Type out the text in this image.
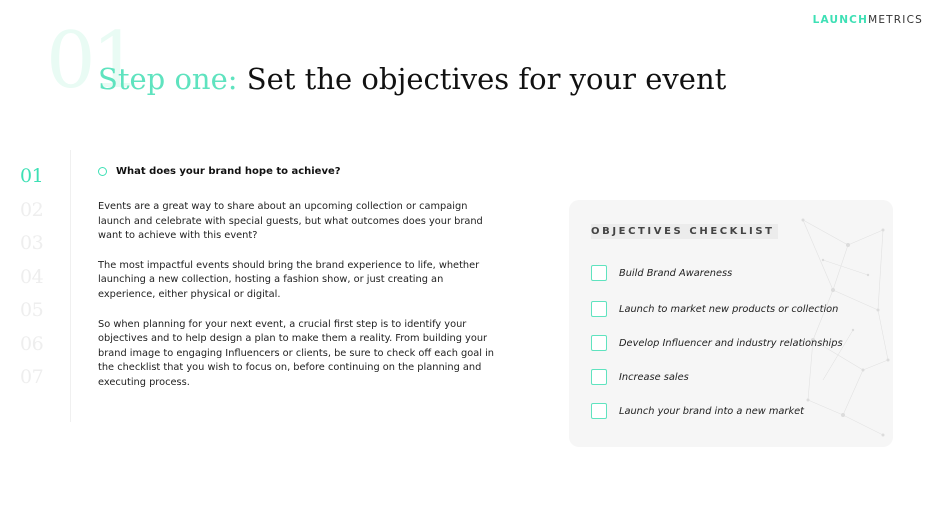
LAUNCHMETRICS
01
Step one: Set the objectives for your event
01
02
03
04
05
06
07
What does your brand hope to achieve?

Events are a great way to share about an upcoming collection or campaign launch and celebrate with special guests, but what outcomes does your brand want to achieve with this event?

The most impactful events should bring the brand experience to life, whether launching a new collection, hosting a fashion show, or just creating an experience, either physical or digital.

So when planning for your next event, a crucial first step is to identify your objectives and to help design a plan to make them a reality. From building your brand image to engaging Influencers or clients, be sure to check off each goal in the checklist that you wish to focus on, before continuing on the planning and executing process.

OBJECTIVES CHECKLIST
Build Brand Awareness
Launch to market new products or collection
Develop Influencer and industry relationships
Increase sales
Launch your brand into a new market
